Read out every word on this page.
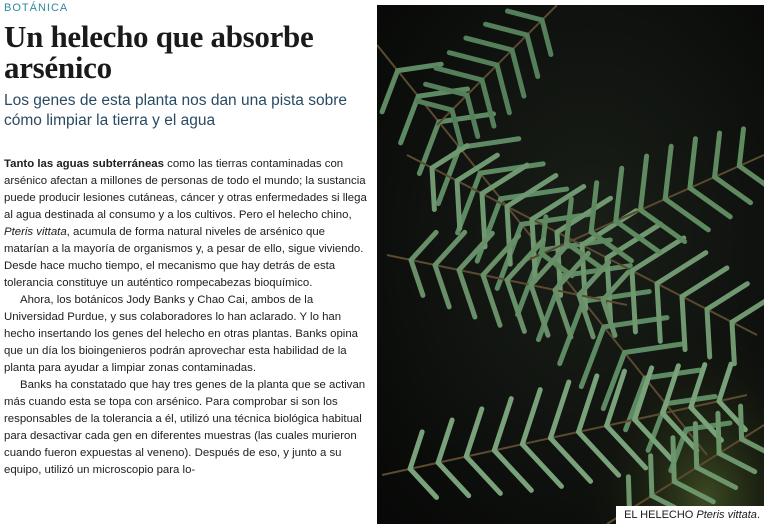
BOTÁNICA
Un helecho que absorbe arsénico
Los genes de esta planta nos dan una pista sobre cómo limpiar la tierra y el agua

Tanto las aguas subterráneas como las tierras contaminadas con arsénico afectan a millones de personas de todo el mundo; la sustancia puede producir lesiones cutáneas, cáncer y otras enfermedades si llega al agua destinada al consumo y a los cultivos. Pero el helecho chino, Pteris vittata, acumula de forma natural niveles de arsénico que matarían a la mayoría de organismos y, a pesar de ello, sigue viviendo. Desde hace mucho tiempo, el mecanismo que hay detrás de esta tolerancia constituye un auténtico rompecabezas bioquímico.

Ahora, los botánicos Jody Banks y Chao Cai, ambos de la Universidad Purdue, y sus colaboradores lo han aclarado. Y lo han hecho insertando los genes del helecho en otras plantas. Banks opina que un día los bioingenieros podrán aprovechar esta habilidad de la planta para ayudar a limpiar zonas contaminadas.

Banks ha constatado que hay tres genes de la planta que se activan más cuando esta se topa con arsénico. Para comprobar si son los responsables de la tolerancia a él, utilizó una técnica biológica habitual para desactivar cada gen en diferentes muestras (las cuales murieron cuando fueron expuestas al veneno). Después de eso, y junto a su equipo, utilizó un microscopio para lo-

EL HELECHO Pteris vittata.
